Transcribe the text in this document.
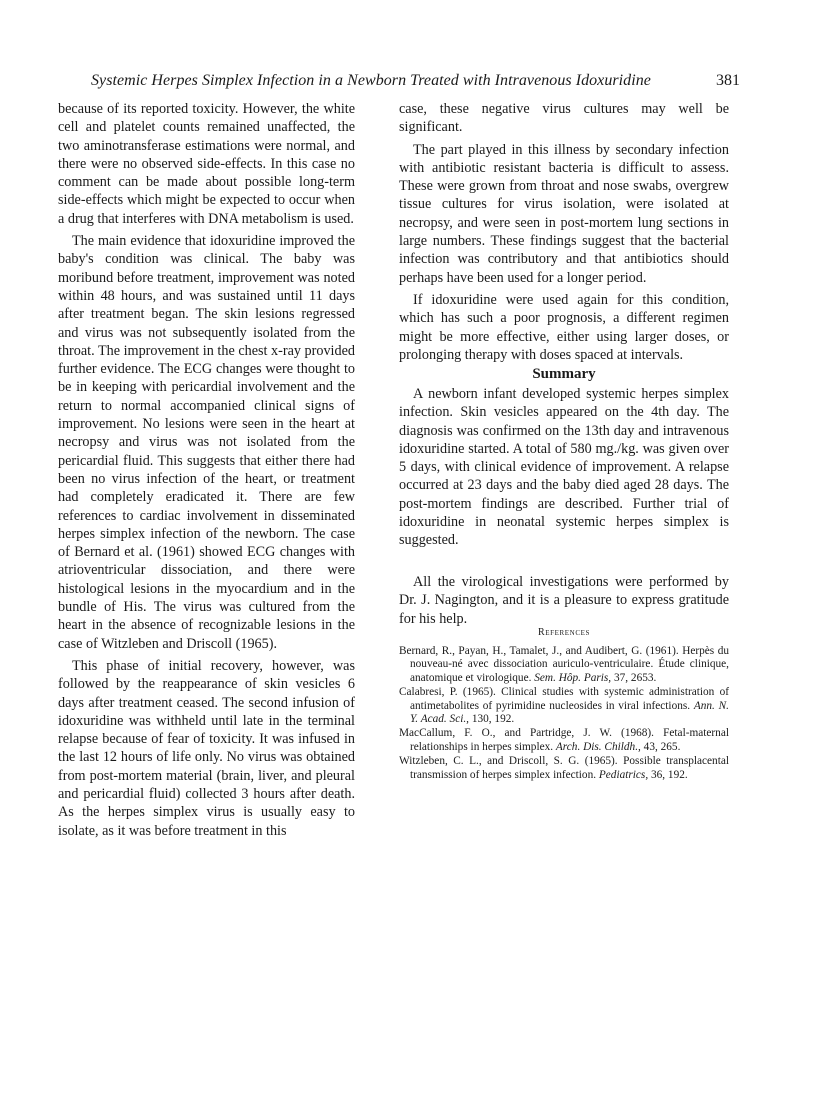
Systemic Herpes Simplex Infection in a Newborn Treated with Intravenous Idoxuridine	381

because of its reported toxicity. However, the white cell and platelet counts remained unaffected, the two aminotransferase estimations were normal, and there were no observed side-effects. In this case no comment can be made about possible long-term side-effects which might be expected to occur when a drug that interferes with DNA metabolism is used.

The main evidence that idoxuridine improved the baby's condition was clinical. The baby was moribund before treatment, improvement was noted within 48 hours, and was sustained until 11 days after treatment began. The skin lesions regressed and virus was not subsequently isolated from the throat. The improvement in the chest x-ray provided further evidence. The ECG changes were thought to be in keeping with pericardial involvement and the return to normal accompanied clinical signs of improvement. No lesions were seen in the heart at necropsy and virus was not isolated from the pericardial fluid. This suggests that either there had been no virus infection of the heart, or treatment had completely eradicated it. There are few references to cardiac involvement in disseminated herpes simplex infection of the newborn. The case of Bernard et al. (1961) showed ECG changes with atrioventricular dissociation, and there were histological lesions in the myocardium and in the bundle of His. The virus was cultured from the heart in the absence of recognizable lesions in the case of Witzleben and Driscoll (1965).

This phase of initial recovery, however, was followed by the reappearance of skin vesicles 6 days after treatment ceased. The second infusion of idoxuridine was withheld until late in the terminal relapse because of fear of toxicity. It was infused in the last 12 hours of life only. No virus was obtained from post-mortem material (brain, liver, and pleural and pericardial fluid) collected 3 hours after death. As the herpes simplex virus is usually easy to isolate, as it was before treatment in this

case, these negative virus cultures may well be significant.

The part played in this illness by secondary infection with antibiotic resistant bacteria is difficult to assess. These were grown from throat and nose swabs, overgrew tissue cultures for virus isolation, were isolated at necropsy, and were seen in post-mortem lung sections in large numbers. These findings suggest that the bacterial infection was contributory and that antibiotics should perhaps have been used for a longer period.

If idoxuridine were used again for this condition, which has such a poor prognosis, a different regimen might be more effective, either using larger doses, or prolonging therapy with doses spaced at intervals.

Summary

A newborn infant developed systemic herpes simplex infection. Skin vesicles appeared on the 4th day. The diagnosis was confirmed on the 13th day and intravenous idoxuridine started. A total of 580 mg./kg. was given over 5 days, with clinical evidence of improvement. A relapse occurred at 23 days and the baby died aged 28 days. The post-mortem findings are described. Further trial of idoxuridine in neonatal systemic herpes simplex is suggested.

All the virological investigations were performed by Dr. J. Nagington, and it is a pleasure to express gratitude for his help.

References

Bernard, R., Payan, H., Tamalet, J., and Audibert, G. (1961). Herpès du nouveau-né avec dissociation auriculo-ventriculaire. Étude clinique, anatomique et virologique. Sem. Hôp. Paris, 37, 2653.

Calabresi, P. (1965). Clinical studies with systemic administration of antimetabolites of pyrimidine nucleosides in viral infections. Ann. N. Y. Acad. Sci., 130, 192.

MacCallum, F. O., and Partridge, J. W. (1968). Fetal-maternal relationships in herpes simplex. Arch. Dis. Childh., 43, 265.

Witzleben, C. L., and Driscoll, S. G. (1965). Possible transplacental transmission of herpes simplex infection. Pediatrics, 36, 192.
